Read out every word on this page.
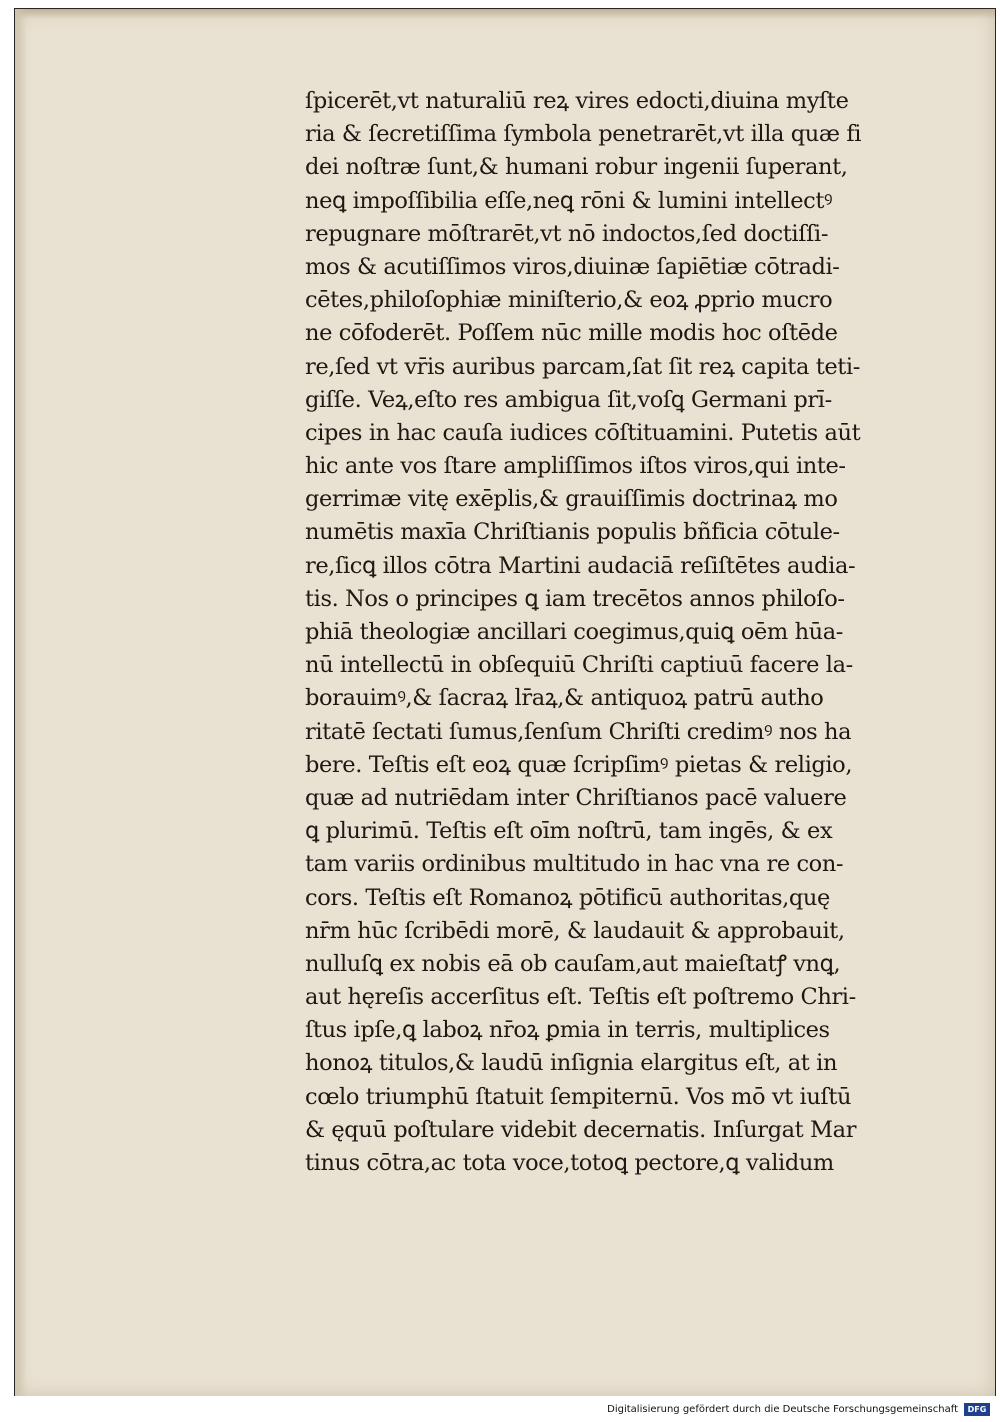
ſpicerēt,vt naturaliū reꝝ vires edocti,diuina myſte
ria & ſecretiſſima ſymbola penetrarēt,vt illa quæ fi
dei noſtræ ſunt,& humani robur ingenii ſuperant,
neꝗ impoſſibilia eſſe,neꝗ rōni & lumini intellectꝰ
repugnare mōſtrarēt,vt nō indoctos,ſed doctiſſi-
mos & acutiſſimos viros,diuinæ ſapiētiæ cōtradi-
cētes,philoſophiæ miniſterio,& eoꝝ ꝓprio mucro
ne cōfoderēt. Poſſem nūc mille modis hoc oſtēde
re,ſed vt vr̄is auribus parcam,ſat ſit reꝝ capita teti-
giſſe. Veꝝ,eſto res ambigua ſit,voſꝗ Germani prī-
cipes in hac cauſa iudices cōſtituamini. Putetis aūt
hic ante vos ſtare ampliſſimos iſtos viros,qui inte-
gerrimæ vitę exēplis,& grauiſſimis doctrinaꝝ mo
numētis maxīa Chriſtianis populis bñficia cōtule-
re,ſicꝗ illos cōtra Martini audaciā reſiſtētes audia-
tis. Nos o principes ꝗ iam trecētos annos philoſo-
phiā theologiæ ancillari coegimus,quiꝗ oēm hūa-
nū intellectū in obſequiū Chriſti captiuū facere la-
borauimꝰ,& ſacraꝝ lr̄aꝝ,& antiquoꝝ patrū autho
ritatē ſectati ſumus,ſenſum Chriſti credimꝰ nos ha
bere. Teſtis eſt eoꝝ quæ ſcripſimꝰ pietas & religio,
quæ ad nutriēdam inter Chriſtianos pacē valuere
ꝗ plurimū. Teſtis eſt oīm noſtrū, tam ingēs, & ex
tam variis ordinibus multitudo in hac vna re con-
cors. Teſtis eſt Romanoꝝ pōtificū authoritas,quę
nr̄m hūc ſcribēdi morē, & laudauit & approbauit,
nulluſꝗ ex nobis eā ob cauſam,aut maieſtatꝭ vnꝗ,
aut hęreſis accerſitus eſt. Teſtis eſt poſtremo Chri-
ſtus ipſe,ꝗ laboꝝ nr̄oꝝ ꝑmia in terris, multiplices
honoꝝ titulos,& laudū inſignia elargitus eſt, at in
cœlo triumphū ſtatuit ſempiternū. Vos mō vt iuſtū
& ęquū poſtulare videbit decernatis. Inſurgat Mar
tinus cōtra,ac tota voce,totoꝗ pectore,ꝗ validum
Digitalisierung gefördert durch die Deutsche Forschungsgemeinschaft	DFG
